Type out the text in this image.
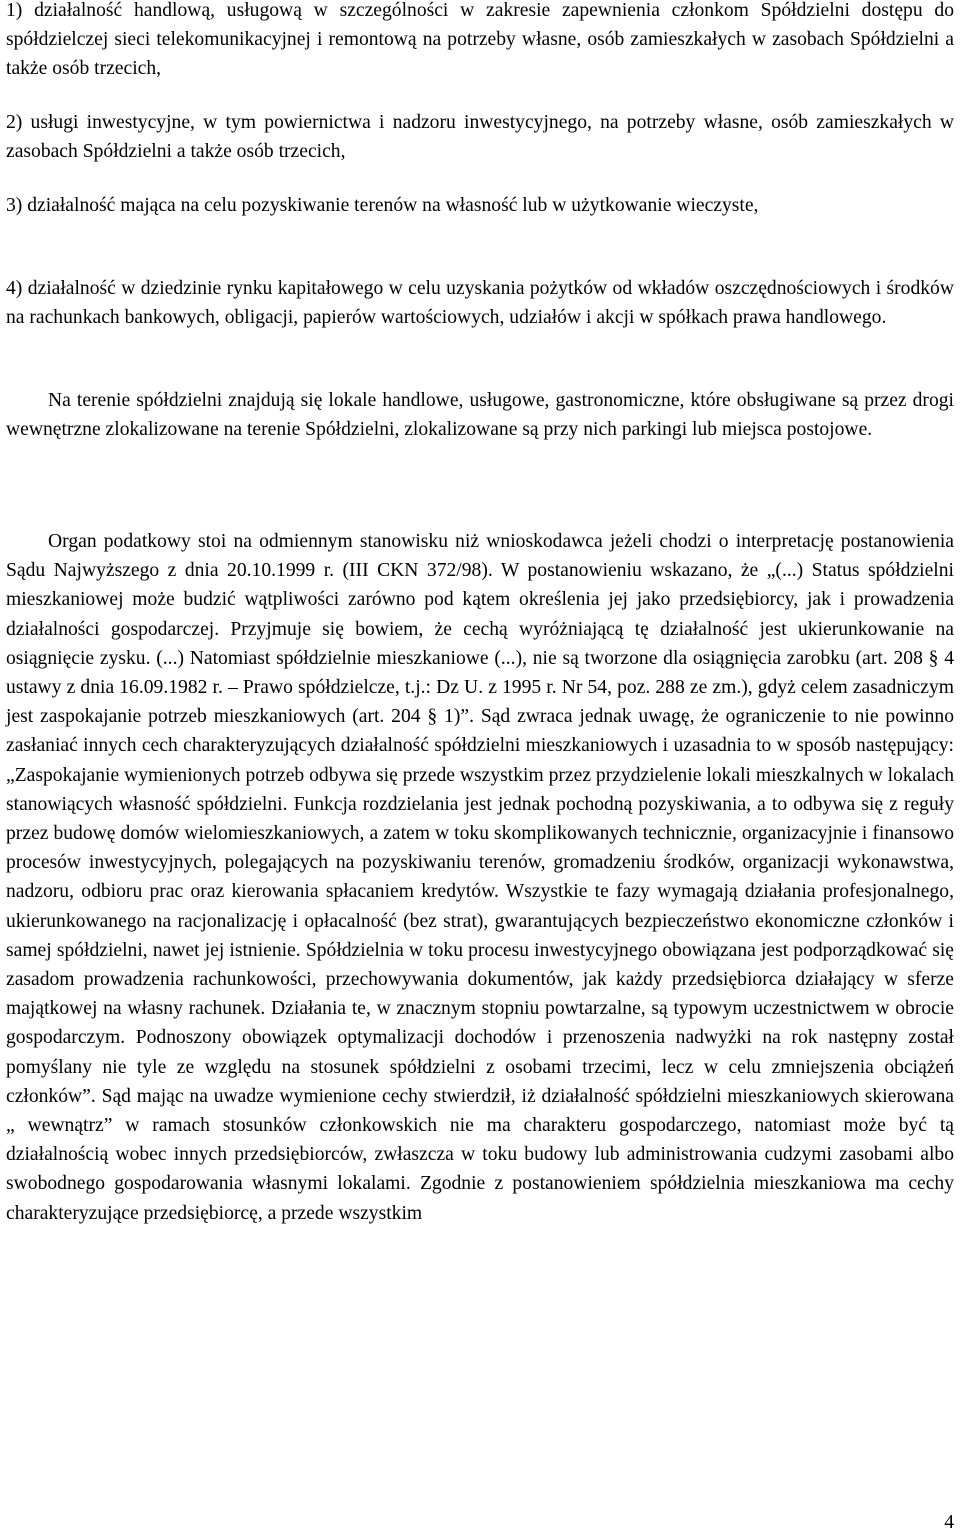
1) działalność handlową, usługową w szczególności w zakresie zapewnienia członkom Spółdzielni dostępu do spółdzielczej sieci telekomunikacyjnej i remontową na potrzeby własne, osób zamieszkałych w zasobach Spółdzielni a także osób trzecich,

2) usługi inwestycyjne, w tym powiernictwa i nadzoru inwestycyjnego, na potrzeby własne, osób zamieszkałych w zasobach Spółdzielni a także osób trzecich,

3) działalność mająca na celu pozyskiwanie terenów na własność lub w użytkowanie wieczyste,

4) działalność w dziedzinie rynku kapitałowego w celu uzyskania pożytków od wkładów oszczędnościowych i środków na rachunkach bankowych, obligacji, papierów wartościowych, udziałów i akcji w spółkach prawa handlowego.

Na terenie spółdzielni znajdują się lokale handlowe, usługowe, gastronomiczne, które obsługiwane są przez drogi wewnętrzne zlokalizowane na terenie Spółdzielni, zlokalizowane są przy nich parkingi lub miejsca postojowe.

Organ podatkowy stoi na odmiennym stanowisku niż wnioskodawca jeżeli chodzi o interpretację postanowienia Sądu Najwyższego z dnia 20.10.1999 r. (III CKN 372/98). W postanowieniu wskazano, że „(...) Status spółdzielni mieszkaniowej może budzić wątpliwości zarówno pod kątem określenia jej jako przedsiębiorcy, jak i prowadzenia działalności gospodarczej. Przyjmuje się bowiem, że cechą wyróżniającą tę działalność jest ukierunkowanie na osiągnięcie zysku. (...) Natomiast spółdzielnie mieszkaniowe (...), nie są tworzone dla osiągnięcia zarobku (art. 208 § 4 ustawy z dnia 16.09.1982 r. – Prawo spółdzielcze, t.j.: Dz U. z 1995 r. Nr 54, poz. 288 ze zm.), gdyż celem zasadniczym jest zaspokajanie potrzeb mieszkaniowych (art. 204 § 1)”. Sąd zwraca jednak uwagę, że ograniczenie to nie powinno zasłaniać innych cech charakteryzujących działalność spółdzielni mieszkaniowych i uzasadnia to w sposób następujący: „Zaspokajanie wymienionych potrzeb odbywa się przede wszystkim przez przydzielenie lokali mieszkalnych w lokalach stanowiących własność spółdzielni. Funkcja rozdzielania jest jednak pochodną pozyskiwania, a to odbywa się z reguły przez budowę domów wielomieszkaniowych, a zatem w toku skomplikowanych technicznie, organizacyjnie i finansowo procesów inwestycyjnych, polegających na pozyskiwaniu terenów, gromadzeniu środków, organizacji wykonawstwa, nadzoru, odbioru prac oraz kierowania spłacaniem kredytów. Wszystkie te fazy wymagają działania profesjonalnego, ukierunkowanego na racjonalizację i opłacalność (bez strat), gwarantujących bezpieczeństwo ekonomiczne członków i samej spółdzielni, nawet jej istnienie. Spółdzielnia w toku procesu inwestycyjnego obowiązana jest podporządkować się zasadom prowadzenia rachunkowości, przechowywania dokumentów, jak każdy przedsiębiorca działający w sferze majątkowej na własny rachunek. Działania te, w znacznym stopniu powtarzalne, są typowym uczestnictwem w obrocie gospodarczym. Podnoszony obowiązek optymalizacji dochodów i przenoszenia nadwyżki na rok następny został pomyślany nie tyle ze względu na stosunek spółdzielni z osobami trzecimi, lecz w celu zmniejszenia obciążeń członków”. Sąd mając na uwadze wymienione cechy stwierdził, iż działalność spółdzielni mieszkaniowych skierowana „ wewnątrz” w ramach stosunków członkowskich nie ma charakteru gospodarczego, natomiast może być tą działalnością wobec innych przedsiębiorców, zwłaszcza w toku budowy lub administrowania cudzymi zasobami albo swobodnego gospodarowania własnymi lokalami. Zgodnie z postanowieniem spółdzielnia mieszkaniowa ma cechy charakteryzujące przedsiębiorcę, a przede wszystkim

4
